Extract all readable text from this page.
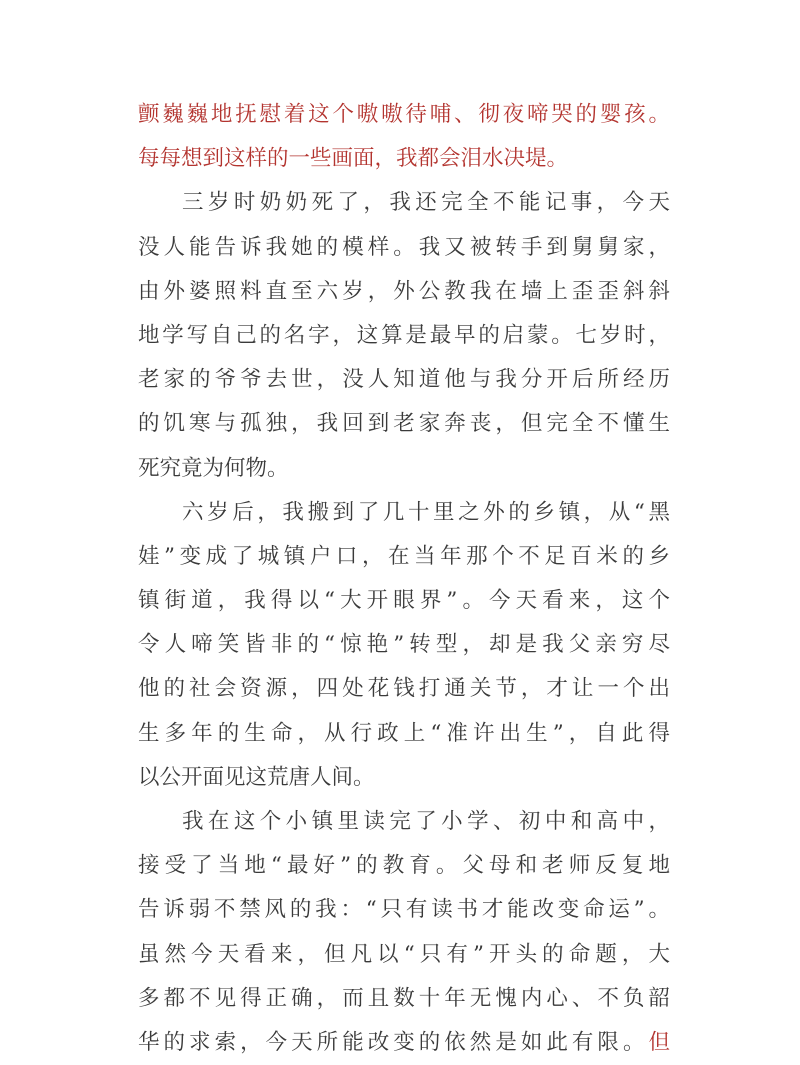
颤巍巍地抚慰着这个嗷嗷待哺、彻夜啼哭的婴孩。
每每想到这样的一些画面，我都会泪水决堤。
三岁时奶奶死了，我还完全不能记事，今天
没人能告诉我她的模样。我又被转手到舅舅家，
由外婆照料直至六岁，外公教我在墙上歪歪斜斜
地学写自己的名字，这算是最早的启蒙。七岁时，
老家的爷爷去世，没人知道他与我分开后所经历
的饥寒与孤独，我回到老家奔丧，但完全不懂生
死究竟为何物。
六岁后，我搬到了几十里之外的乡镇，从“黑
娃”变成了城镇户口，在当年那个不足百米的乡
镇街道，我得以“大开眼界”。今天看来，这个
令人啼笑皆非的“惊艳”转型，却是我父亲穷尽
他的社会资源，四处花钱打通关节，才让一个出
生多年的生命，从行政上“准许出生”，自此得
以公开面见这荒唐人间。
我在这个小镇里读完了小学、初中和高中，
接受了当地“最好”的教育。父母和老师反复地
告诉弱不禁风的我：“只有读书才能改变命运”。
虽然今天看来，但凡以“只有”开头的命题，大
多都不见得正确，而且数十年无愧内心、不负韶
华的求索，今天所能改变的依然是如此有限。但
